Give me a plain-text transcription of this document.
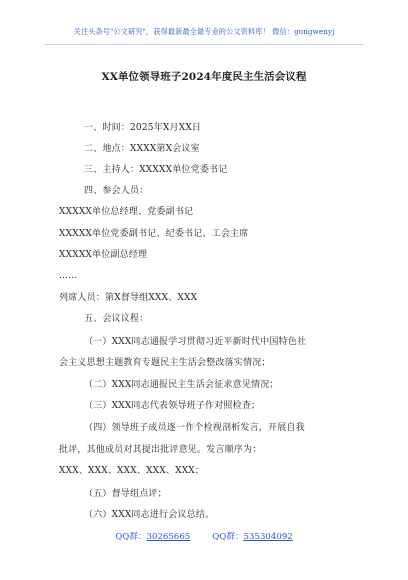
关注头条号"公文研究"，获得最新最全最专业的公文资料库！ 微信：gongwenyj
XX单位领导班子2024年度民主生活会议程
一、时间：2025年X月XX日
二、地点：XXXX第X会议室
三、主持人：XXXXX单位党委书记
四、参会人员：
XXXXX单位总经理、党委副书记
XXXXX单位党委副书记、纪委书记、工会主席
XXXXX单位副总经理
……
列席人员：第X督导组XXX、XXX
五、会议议程：
（一）XXX同志通报学习贯彻习近平新时代中国特色社
会主义思想主题教育专题民主生活会整改落实情况；
（二）XXX同志通报民主生活会征求意见情况；
（三）XXX同志代表领导班子作对照检查；
（四）领导班子成员逐一作个检视剖析发言，开展自我
批评，其他成员对其提出批评意见。发言顺序为：
XXX、XXX、XXX、XXX、XXX；
（五）督导组点评；
（六）XXX同志进行会议总结。
QQ群：30265665	QQ群：535304092
